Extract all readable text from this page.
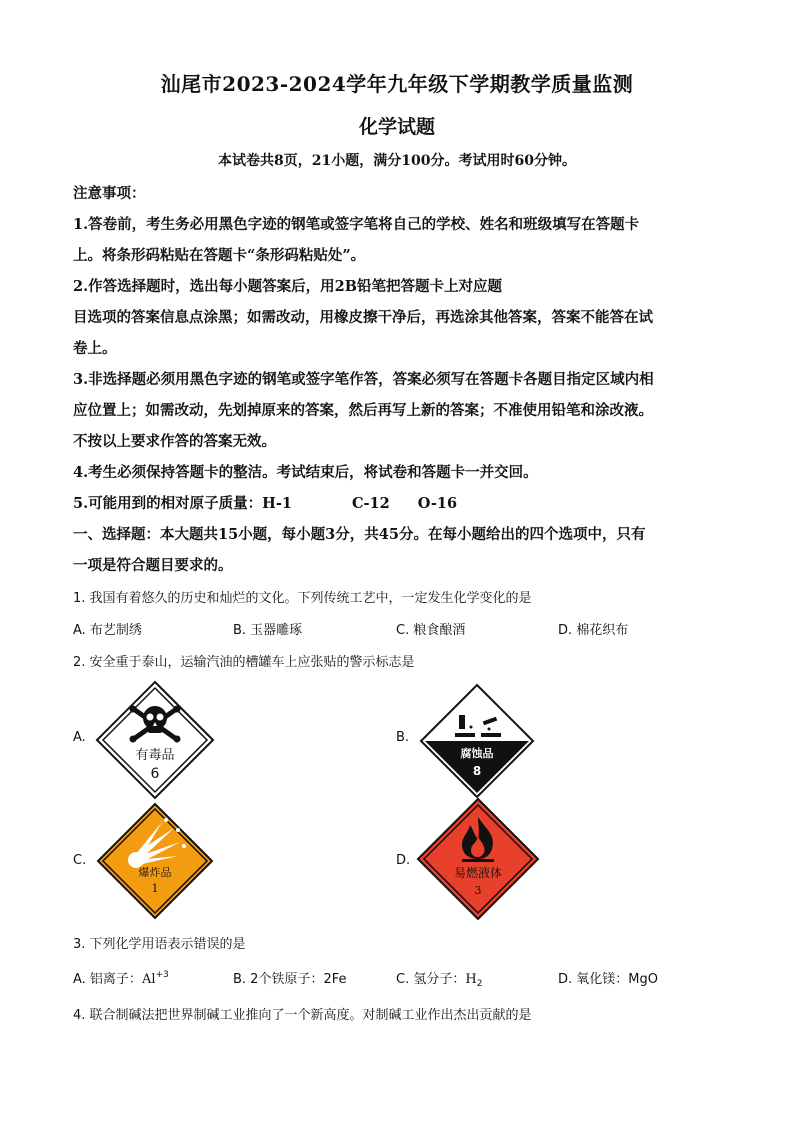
汕尾市2023-2024学年九年级下学期教学质量监测
化学试题
本试卷共8页，21小题，满分100分。考试用时60分钟。
注意事项：
1.答卷前，考生务必用黑色字迹的钢笔或签字笔将自己的学校、姓名和班级填写在答题卡
上。将条形码粘贴在答题卡“条形码粘贴处”。
2.作答选择题时，选出每小题答案后，用2B铅笔把答题卡上对应题
目选项的答案信息点涂黑；如需改动，用橡皮擦干净后，再选涂其他答案，答案不能答在试
卷上。
3.非选择题必须用黑色字迹的钢笔或签字笔作答，答案必须写在答题卡各题目指定区域内相
应位置上；如需改动，先划掉原来的答案，然后再写上新的答案；不准使用铅笔和涂改液。
不按以上要求作答的答案无效。
4.考生必须保持答题卡的整洁。考试结束后，将试卷和答题卡一并交回。
5.可能用到的相对原子质量：H-1	C-12 O-16
一、选择题：本大题共15小题，每小题3分，共45分。在每小题给出的四个选项中，只有
一项是符合题目要求的。
1. 我国有着悠久的历史和灿烂的文化。下列传统工艺中，一定发生化学变化的是
A. 布艺制绣	B. 玉器雕琢	C. 粮食酿酒	D. 棉花织布
2. 安全重于泰山，运输汽油的槽罐车上应张贴的警示标志是
A.	B.
C.	D.
有毒品
6
腐蚀品
8
爆炸品
1
易燃液体
3
3. 下列化学用语表示错误的是
A. 铝离子：$Al^{+3}$	B. 2个铁原子：2Fe	C. 氢分子：$H_2$	D. 氧化镁：MgO
4. 联合制碱法把世界制碱工业推向了一个新高度。对制碱工业作出杰出贡献的是
